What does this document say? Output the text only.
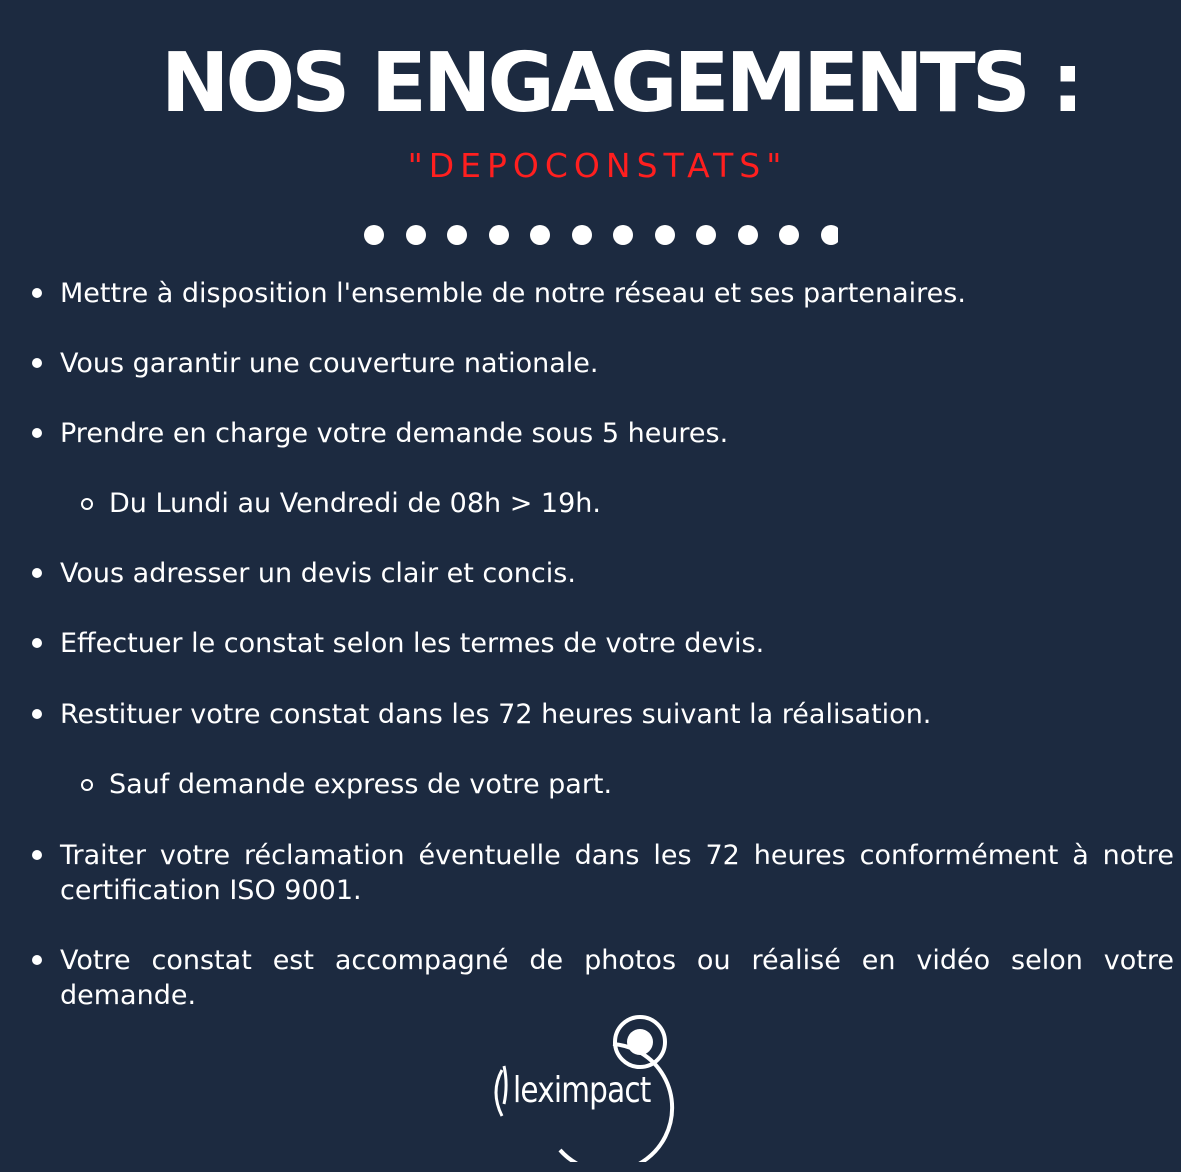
NOS ENGAGEMENTS :
"DEPOCONSTATS"
Mettre à disposition l'ensemble de notre réseau et ses partenaires.
Vous garantir une couverture nationale.
Prendre en charge votre demande sous 5 heures.
Du Lundi au Vendredi de 08h > 19h.
Vous adresser un devis clair et concis.
Effectuer le constat selon les termes de votre devis.
Restituer votre constat dans les 72 heures suivant la réalisation.
Sauf demande express de votre part.
Traiter votre réclamation éventuelle dans les 72 heures conformément à notre certification ISO 9001.
Votre constat est accompagné de photos ou réalisé en vidéo selon votre demande.
leximpact
